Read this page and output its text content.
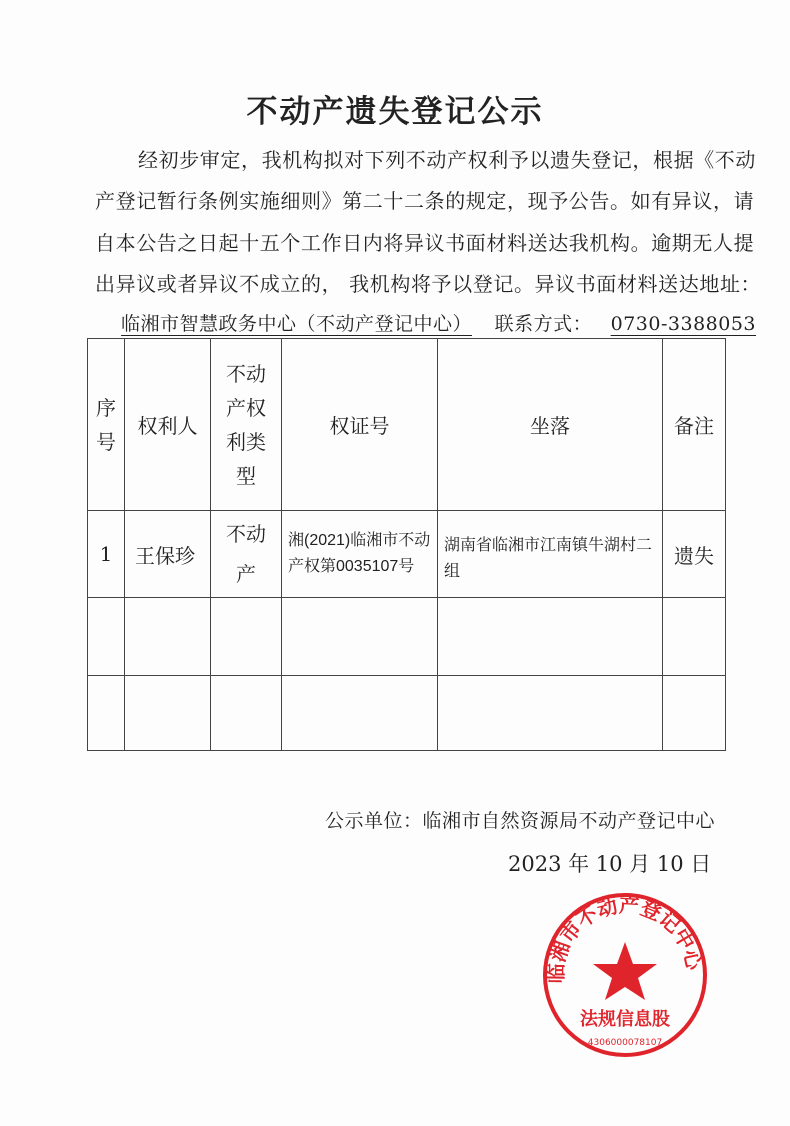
不动产遗失登记公示
经初步审定，我机构拟对下列不动产权利予以遗失登记，根据《不动
产登记暂行条例实施细则》第二十二条的规定，现予公告。如有异议，请
自本公告之日起十五个工作日内将异议书面材料送达我机构。逾期无人提
出异议或者异议不成立的， 我机构将予以登记。异议书面材料送达地址：
临湘市智慧政务中心（不动产登记中心） 联系方式： 0730-3388053
序号	权利人	不动产权利类型	权证号	坐落	备注
1	王保珍	不动产	湘(2021)临湘市不动产权第0035107号	湖南省临湘市江南镇牛湖村二组	遗失

公示单位：临湘市自然资源局不动产登记中心
2023 年 10 月 10 日
临湘市不动产登记中心
法规信息股
4306000078107
